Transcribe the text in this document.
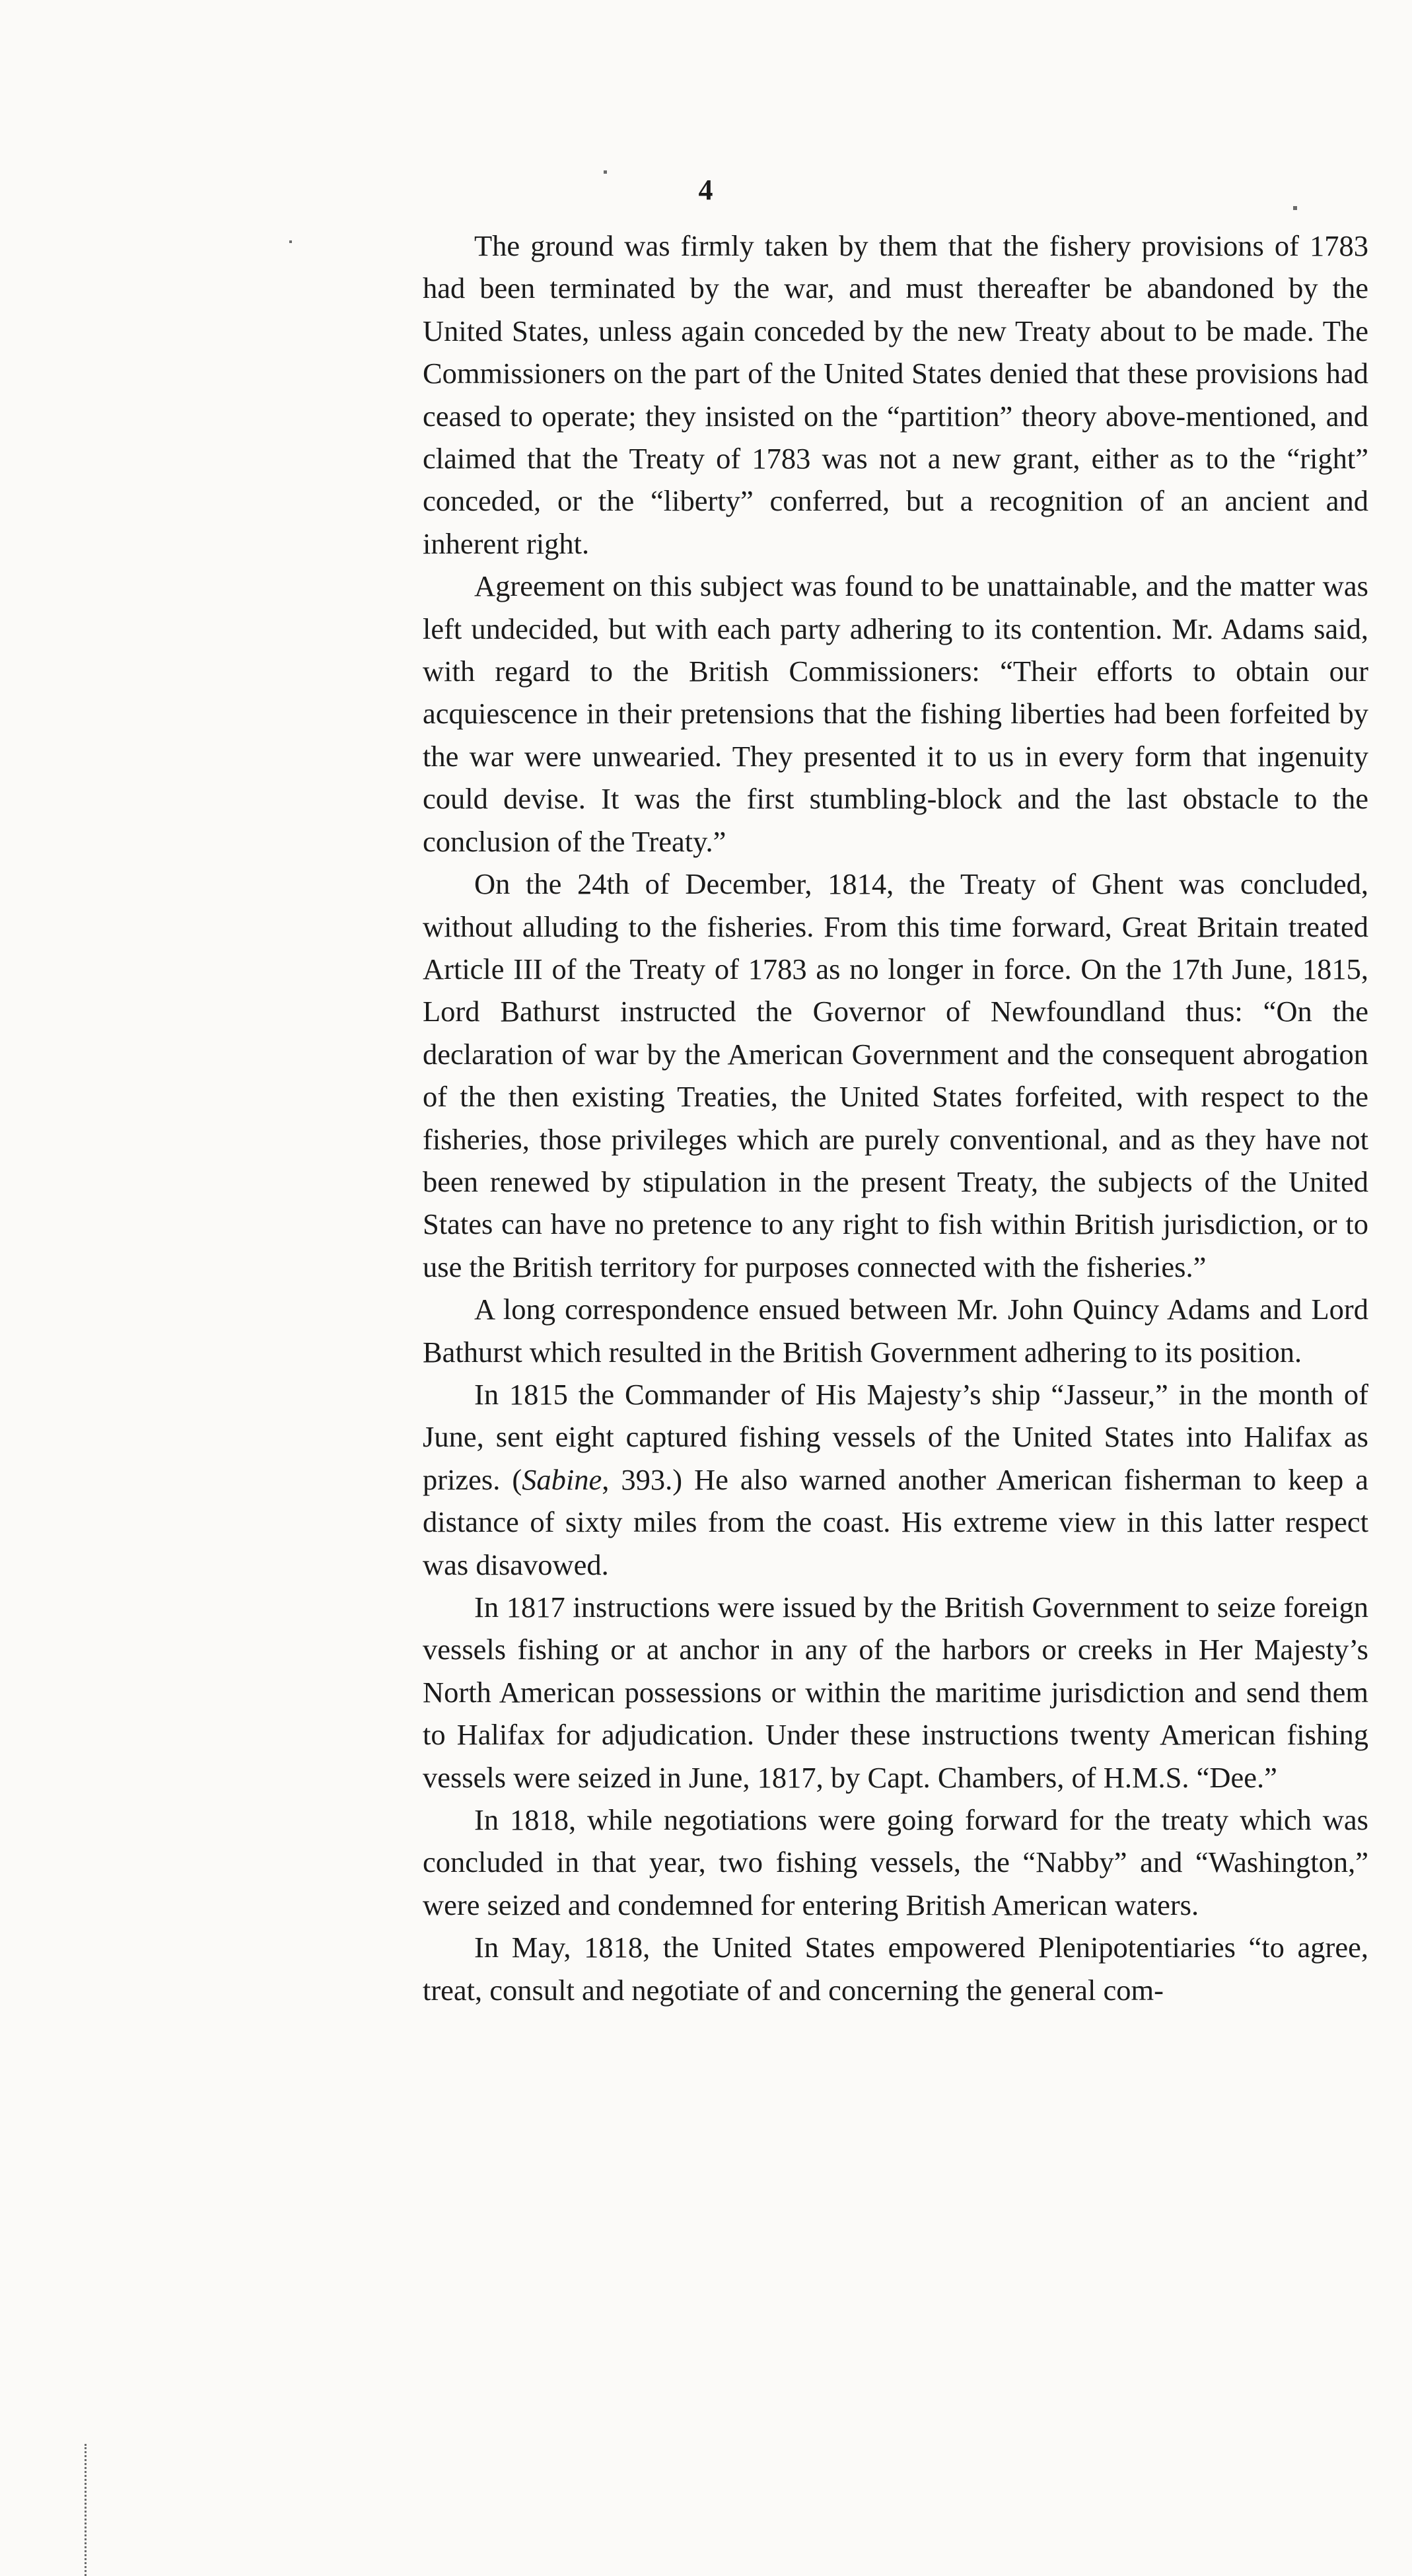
4

The ground was firmly taken by them that the fishery provisions of 1783 had been terminated by the war, and must thereafter be abandoned by the United States, unless again conceded by the new Treaty about to be made. The Commissioners on the part of the United States denied that these provisions had ceased to operate; they insisted on the “partition” theory above-mentioned, and claimed that the Treaty of 1783 was not a new grant, either as to the “right” conceded, or the “liberty” conferred, but a recognition of an ancient and inherent right.

Agreement on this subject was found to be unattainable, and the matter was left undecided, but with each party adhering to its contention. Mr. Adams said, with regard to the British Commissioners: “Their efforts to obtain our acquiescence in their pretensions that the fishing liberties had been forfeited by the war were unwearied. They presented it to us in every form that ingenuity could devise. It was the first stumbling-block and the last obstacle to the conclusion of the Treaty.”

On the 24th of December, 1814, the Treaty of Ghent was concluded, without alluding to the fisheries. From this time forward, Great Britain treated Article III of the Treaty of 1783 as no longer in force. On the 17th June, 1815, Lord Bathurst instructed the Governor of Newfoundland thus: “On the declaration of war by the American Government and the consequent abrogation of the then existing Treaties, the United States forfeited, with respect to the fisheries, those privileges which are purely conventional, and as they have not been renewed by stipulation in the present Treaty, the subjects of the United States can have no pretence to any right to fish within British jurisdiction, or to use the British territory for purposes connected with the fisheries.”

A long correspondence ensued between Mr. John Quincy Adams and Lord Bathurst which resulted in the British Government adhering to its position.

In 1815 the Commander of His Majesty’s ship “Jasseur,” in the month of June, sent eight captured fishing vessels of the United States into Halifax as prizes. (Sabine, 393.) He also warned another American fisherman to keep a distance of sixty miles from the coast. His extreme view in this latter respect was disavowed.

In 1817 instructions were issued by the British Government to seize foreign vessels fishing or at anchor in any of the harbors or creeks in Her Majesty’s North American possessions or within the maritime jurisdiction and send them to Halifax for adjudication. Under these instructions twenty American fishing vessels were seized in June, 1817, by Capt. Chambers, of H.M.S. “Dee.”

In 1818, while negotiations were going forward for the treaty which was concluded in that year, two fishing vessels, the “Nabby” and “Washington,” were seized and condemned for entering British American waters.

In May, 1818, the United States empowered Plenipotentiaries “to agree, treat, consult and negotiate of and concerning the general com-
